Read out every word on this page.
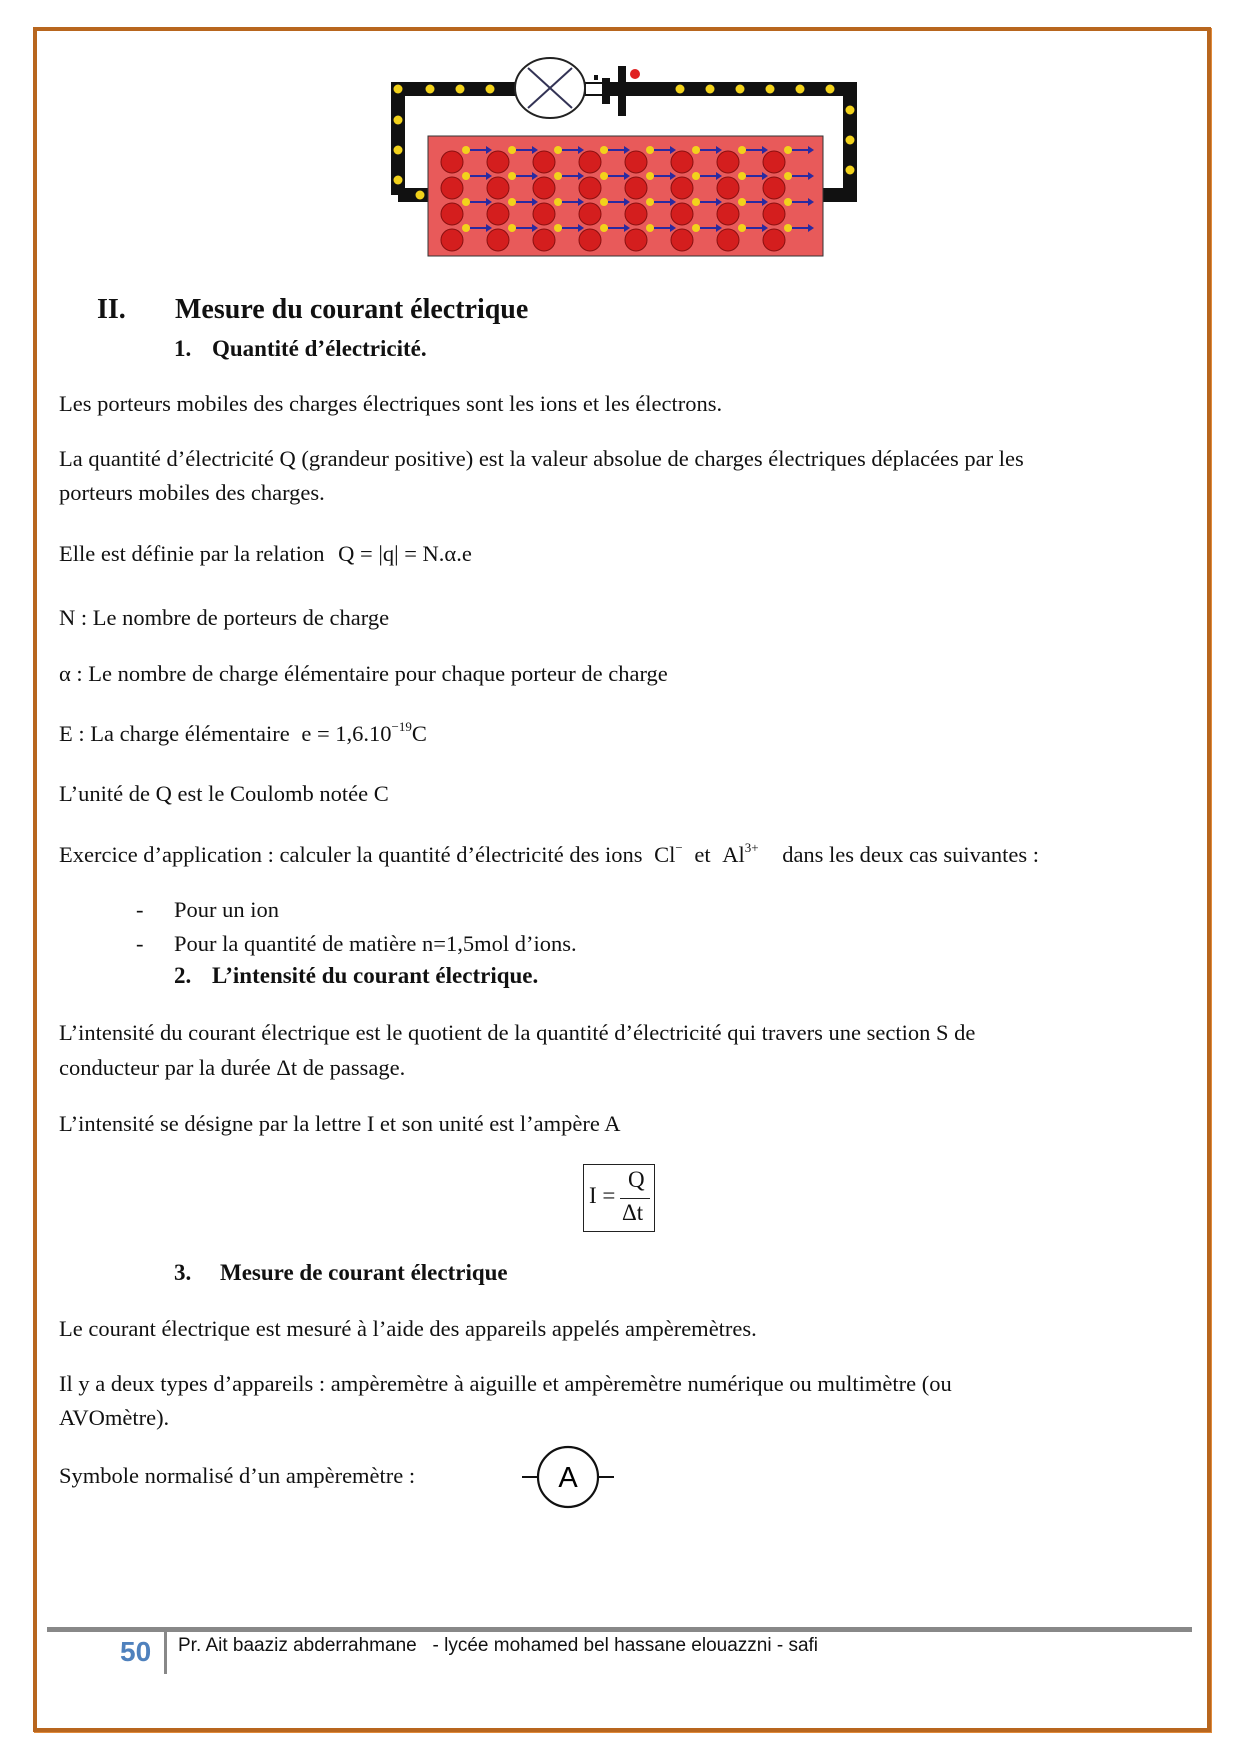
II. Mesure du courant électrique
1. Quantité d’électricité.
Les porteurs mobiles des charges électriques sont les ions et les électrons.
La quantité d’électricité Q (grandeur positive) est la valeur absolue de charges électriques déplacées par les
porteurs mobiles des charges.
Elle est définie par la relation Q = |q| = N.α.e
N : Le nombre de porteurs de charge
α : Le nombre de charge élémentaire pour chaque porteur de charge
E : La charge élémentaire $e = 1,6.10^{-19}C$
L’unité de Q est le Coulomb notée C
Exercice d’application : calculer la quantité d’électricité des ions Cl− et $Al^{3+}$ dans les deux cas suivantes :
- Pour un ion
- Pour la quantité de matière n=1,5mol d’ions.
2. L’intensité du courant électrique.
L’intensité du courant électrique est le quotient de la quantité d’électricité qui travers une section S de
conducteur par la durée Δt de passage.
L’intensité se désigne par la lettre I et son unité est l’ampère A
I =
Q
Δt
3. Mesure de courant électrique
Le courant électrique est mesuré à l’aide des appareils appelés ampèremètres.
Il y a deux types d’appareils : ampèremètre à aiguille et ampèremètre numérique ou multimètre (ou
AVOmètre).
Symbole normalisé d’un ampèremètre :	A
50 Pr. Ait baaziz abderrahmane   - lycée mohamed bel hassane elouazzni - safi
